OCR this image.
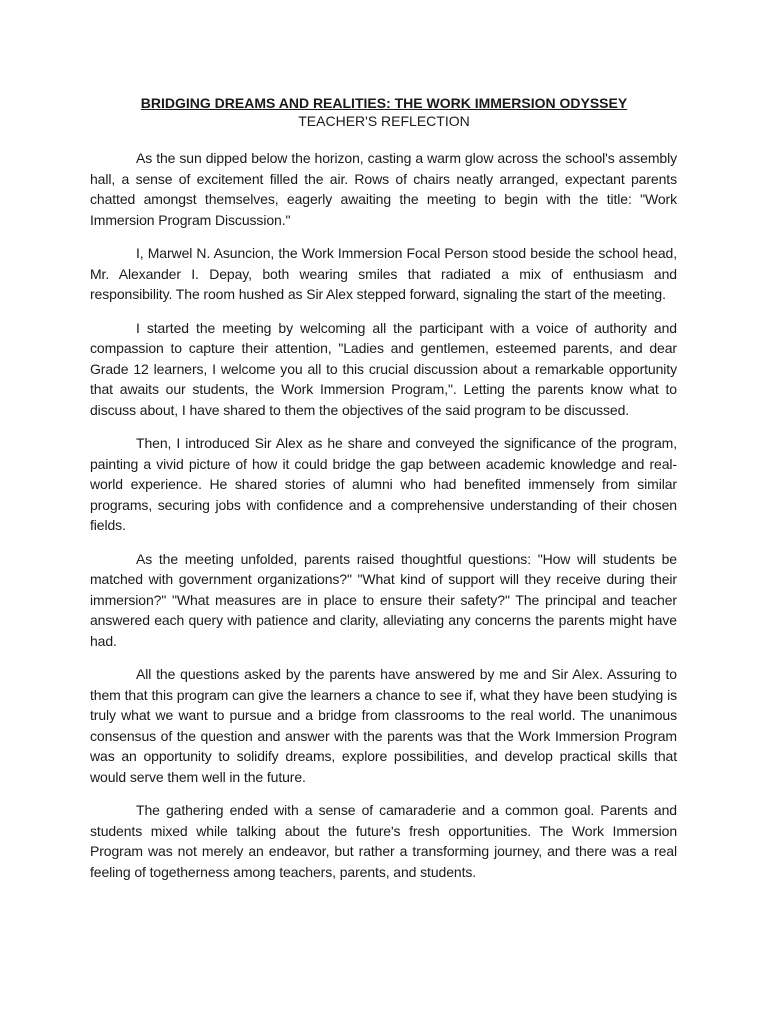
BRIDGING DREAMS AND REALITIES: THE WORK IMMERSION ODYSSEY
TEACHER'S REFLECTION

As the sun dipped below the horizon, casting a warm glow across the school's assembly hall, a sense of excitement filled the air. Rows of chairs neatly arranged, expectant parents chatted amongst themselves, eagerly awaiting the meeting to begin with the title: "Work Immersion Program Discussion."

I, Marwel N. Asuncion, the Work Immersion Focal Person stood beside the school head, Mr. Alexander I. Depay, both wearing smiles that radiated a mix of enthusiasm and responsibility. The room hushed as Sir Alex stepped forward, signaling the start of the meeting.

I started the meeting by welcoming all the participant with a voice of authority and compassion to capture their attention, "Ladies and gentlemen, esteemed parents, and dear Grade 12 learners, I welcome you all to this crucial discussion about a remarkable opportunity that awaits our students, the Work Immersion Program,". Letting the parents know what to discuss about, I have shared to them the objectives of the said program to be discussed.

Then, I introduced Sir Alex as he share and conveyed the significance of the program, painting a vivid picture of how it could bridge the gap between academic knowledge and real-world experience. He shared stories of alumni who had benefited immensely from similar programs, securing jobs with confidence and a comprehensive understanding of their chosen fields.

As the meeting unfolded, parents raised thoughtful questions: "How will students be matched with government organizations?" "What kind of support will they receive during their immersion?" "What measures are in place to ensure their safety?" The principal and teacher answered each query with patience and clarity, alleviating any concerns the parents might have had.

All the questions asked by the parents have answered by me and Sir Alex. Assuring to them that this program can give the learners a chance to see if, what they have been studying is truly what we want to pursue and a bridge from classrooms to the real world. The unanimous consensus of the question and answer with the parents was that the Work Immersion Program was an opportunity to solidify dreams, explore possibilities, and develop practical skills that would serve them well in the future.

The gathering ended with a sense of camaraderie and a common goal. Parents and students mixed while talking about the future's fresh opportunities. The Work Immersion Program was not merely an endeavor, but rather a transforming journey, and there was a real feeling of togetherness among teachers, parents, and students.
